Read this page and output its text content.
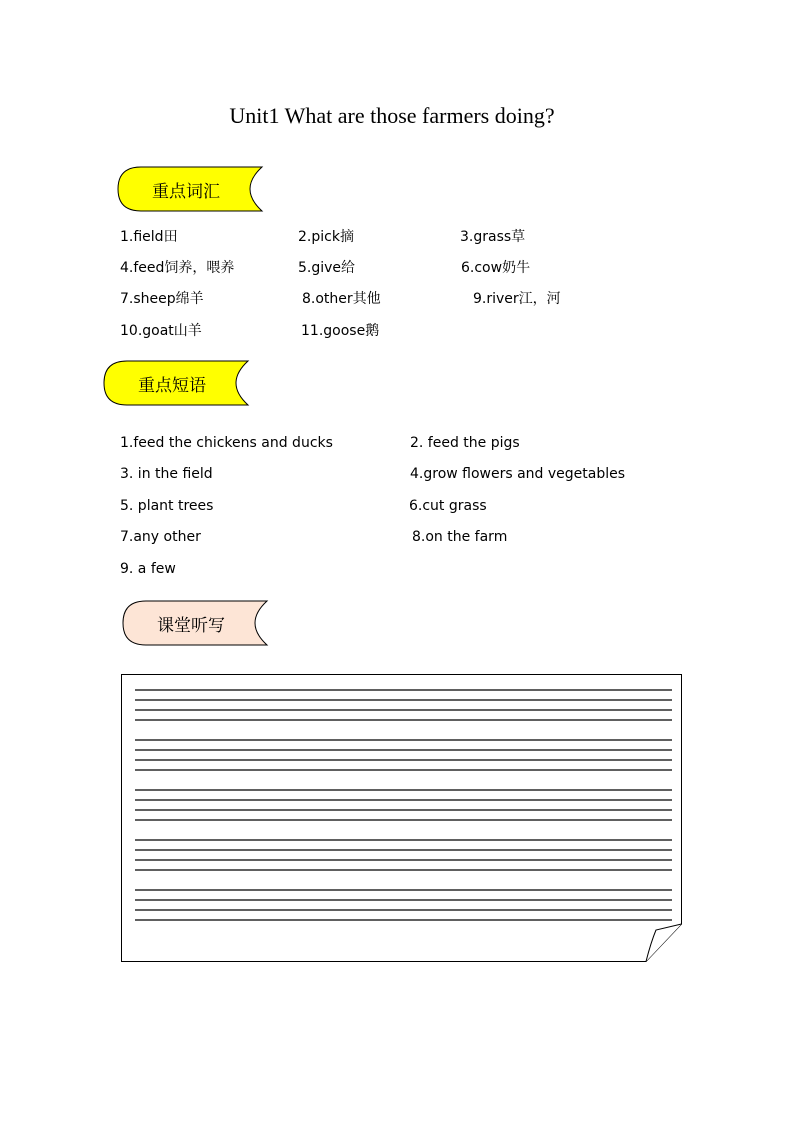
Unit1 What are those farmers doing?
重点词汇
1.field田	2.pick摘	3.grass草
4.feed饲养，喂养	5.give给	6.cow奶牛
7.sheep绵羊	8.other其他	9.river江，河
10.goat山羊	11.goose鹅
重点短语
1.feed the chickens and ducks	2. feed the pigs
3. in the field	4.grow flowers and vegetables
5. plant trees	6.cut grass
7.any other	8.on the farm
9. a few
课堂听写
